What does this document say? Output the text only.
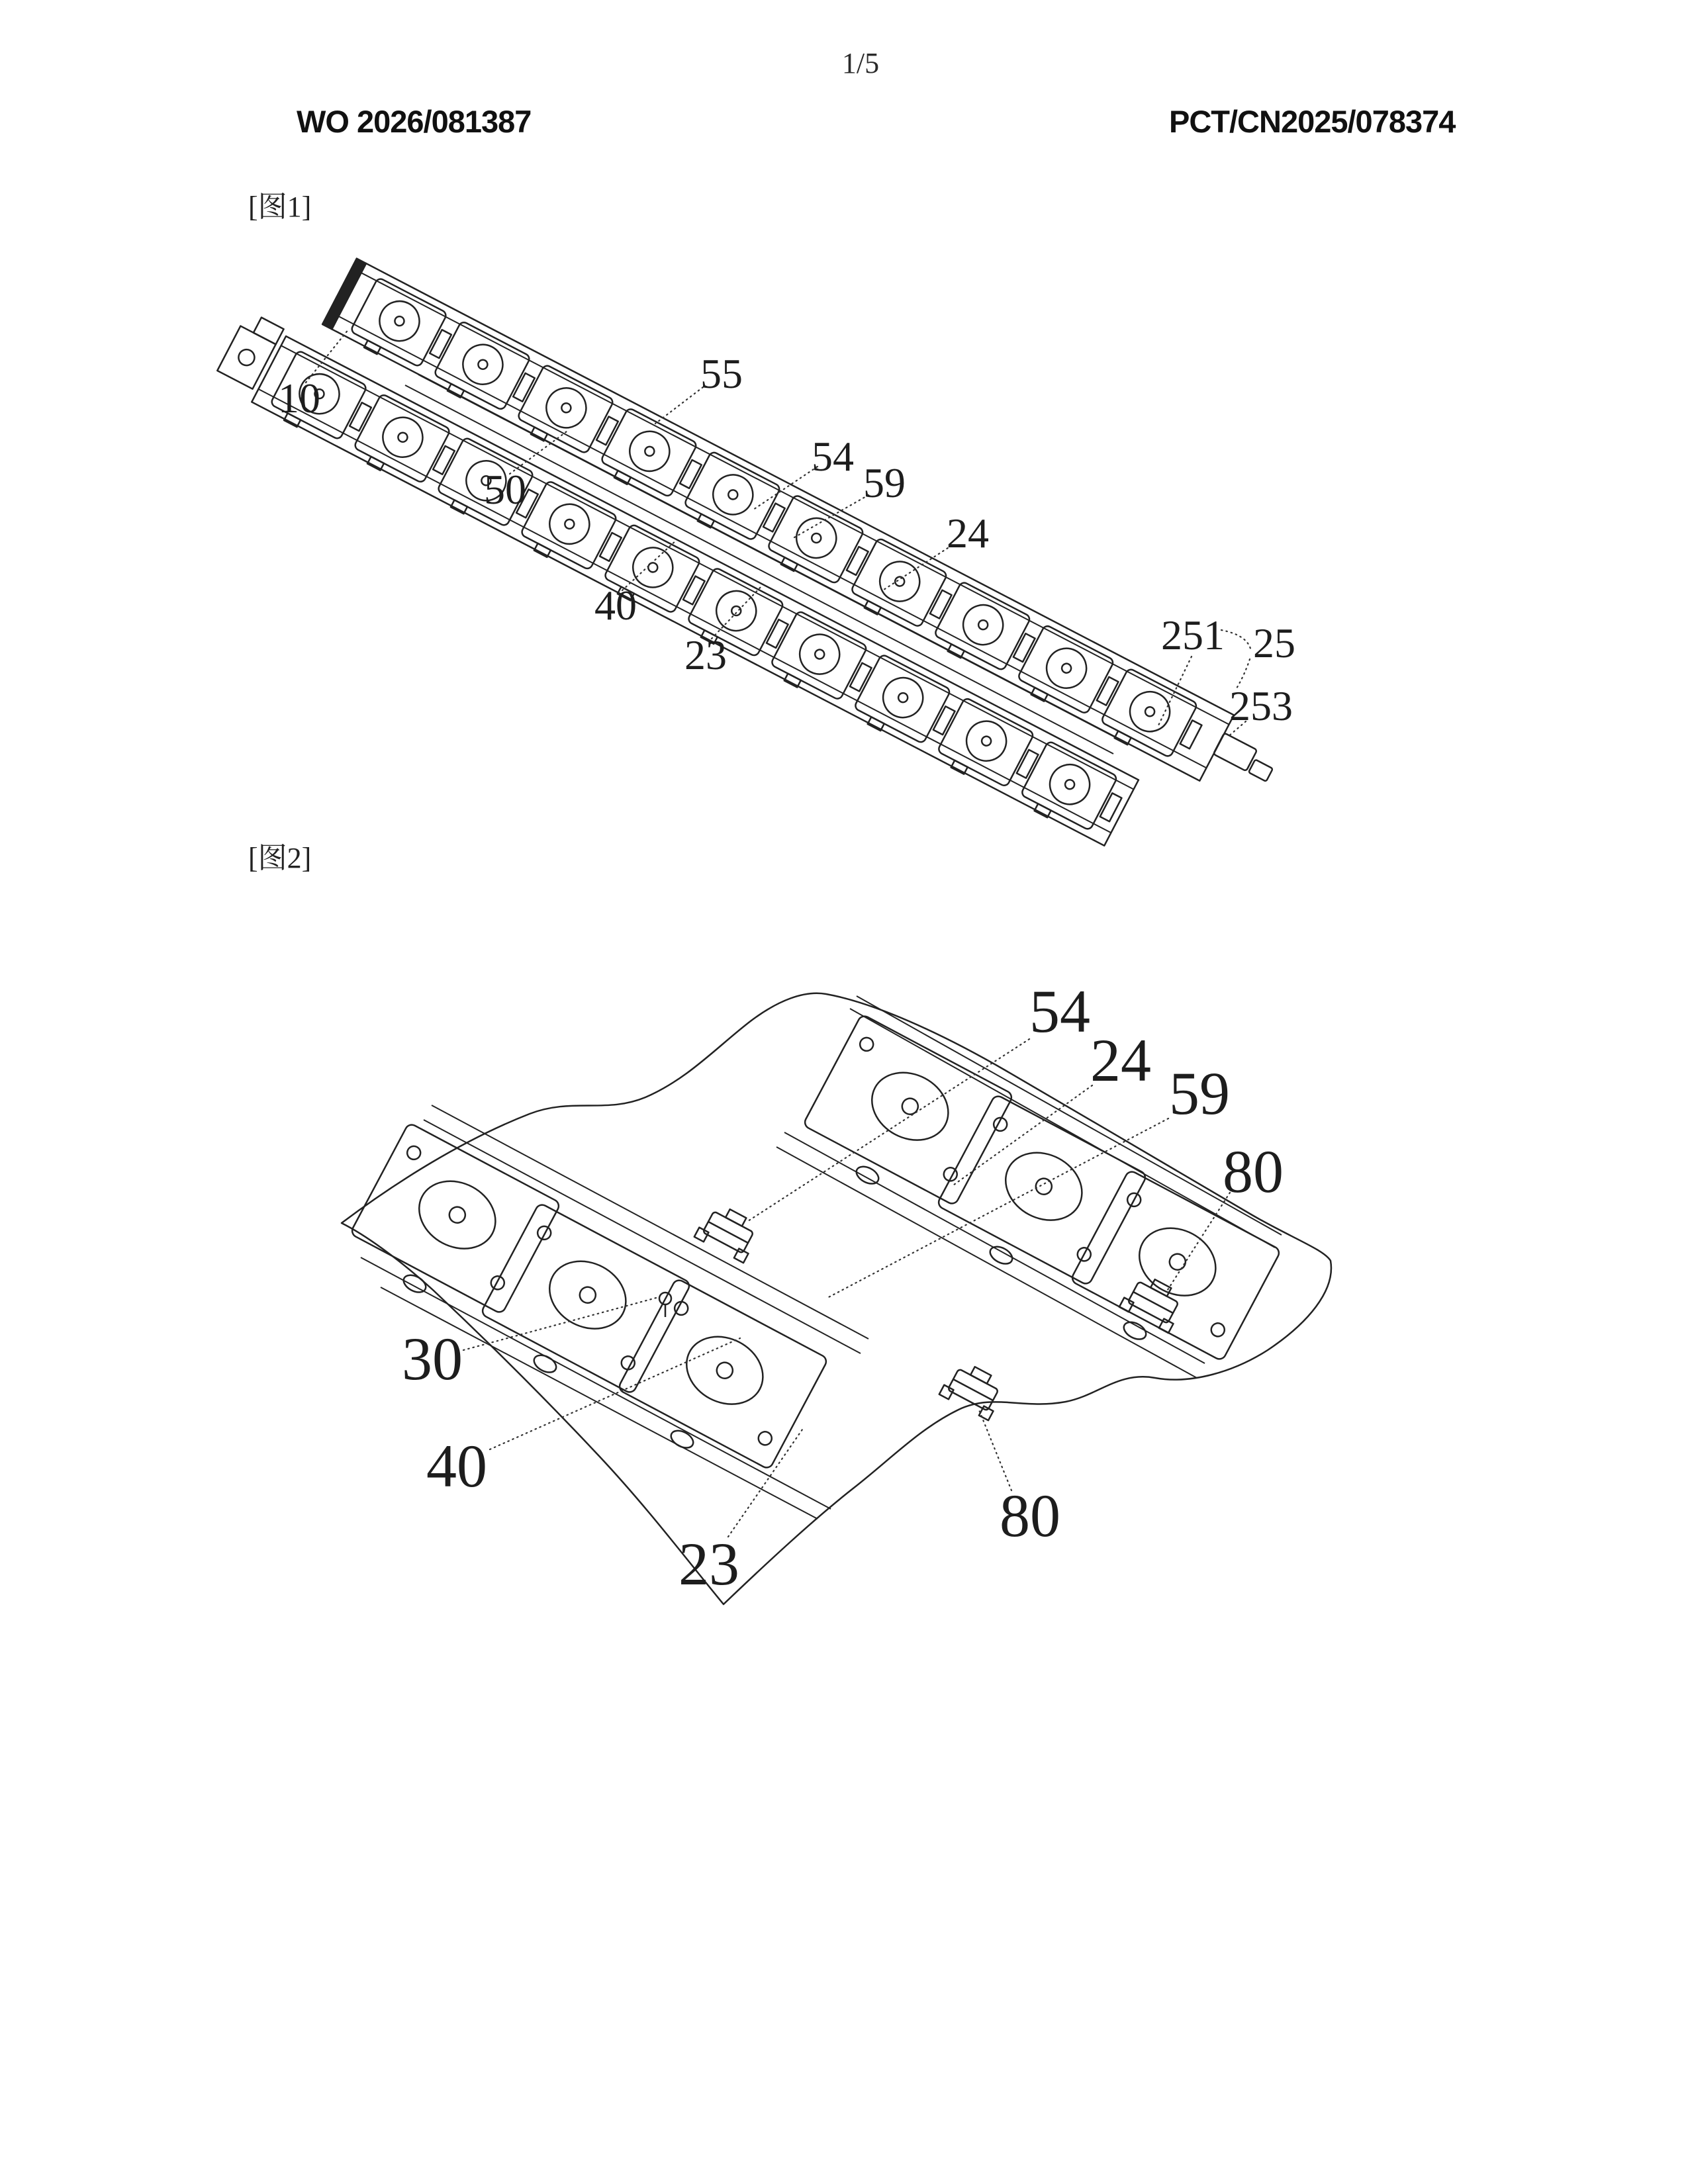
1/5
WO 2026/081387	PCT/CN2025/078374
[图1]
[图2]
10
50
40
23
55
54
59
24
251 25
253
54
24 59
80
30
40
80
23
